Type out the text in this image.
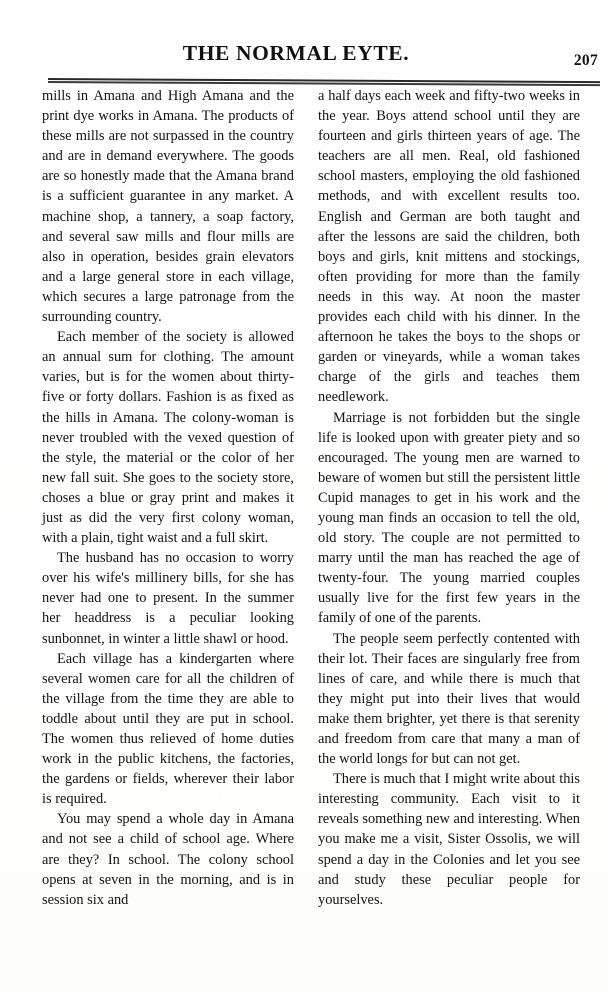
THE NORMAL EYTE.	207

mills in Amana and High Amana and the print dye works in Amana. The products of these mills are not surpassed in the country and are in demand everywhere. The goods are so honestly made that the Amana brand is a sufficient guarantee in any market. A machine shop, a tannery, a soap factory, and several saw mills and flour mills are also in operation, besides grain elevators and a large general store in each village, which secures a large patronage from the surrounding country.

Each member of the society is allowed an annual sum for clothing. The amount varies, but is for the women about thirty-five or forty dollars. Fashion is as fixed as the hills in Amana. The colony-woman is never troubled with the vexed question of the style, the material or the color of her new fall suit. She goes to the society store, choses a blue or gray print and makes it just as did the very first colony woman, with a plain, tight waist and a full skirt.

The husband has no occasion to worry over his wife's millinery bills, for she has never had one to present. In the summer her headdress is a peculiar looking sunbonnet, in winter a little shawl or hood.

Each village has a kindergarten where several women care for all the children of the village from the time they are able to toddle about until they are put in school. The women thus relieved of home duties work in the public kitchens, the factories, the gardens or fields, wherever their labor is required.

You may spend a whole day in Amana and not see a child of school age. Where are they? In school. The colony school opens at seven in the morning, and is in session six and

a half days each week and fifty-two weeks in the year. Boys attend school until they are fourteen and girls thirteen years of age. The teachers are all men. Real, old fashioned school masters, employing the old fashioned methods, and with excellent results too. English and German are both taught and after the lessons are said the children, both boys and girls, knit mittens and stockings, often providing for more than the family needs in this way. At noon the master provides each child with his dinner. In the afternoon he takes the boys to the shops or garden or vineyards, while a woman takes charge of the girls and teaches them needlework.

Marriage is not forbidden but the single life is looked upon with greater piety and so encouraged. The young men are warned to beware of women but still the persistent little Cupid manages to get in his work and the young man finds an occasion to tell the old, old story. The couple are not permitted to marry until the man has reached the age of twenty-four. The young married couples usually live for the first few years in the family of one of the parents.

The people seem perfectly contented with their lot. Their faces are singularly free from lines of care, and while there is much that they might put into their lives that would make them brighter, yet there is that serenity and freedom from care that many a man of the world longs for but can not get.

There is much that I might write about this interesting community. Each visit to it reveals something new and interesting. When you make me a visit, Sister Ossolis, we will spend a day in the Colonies and let you see and study these peculiar people for yourselves.
